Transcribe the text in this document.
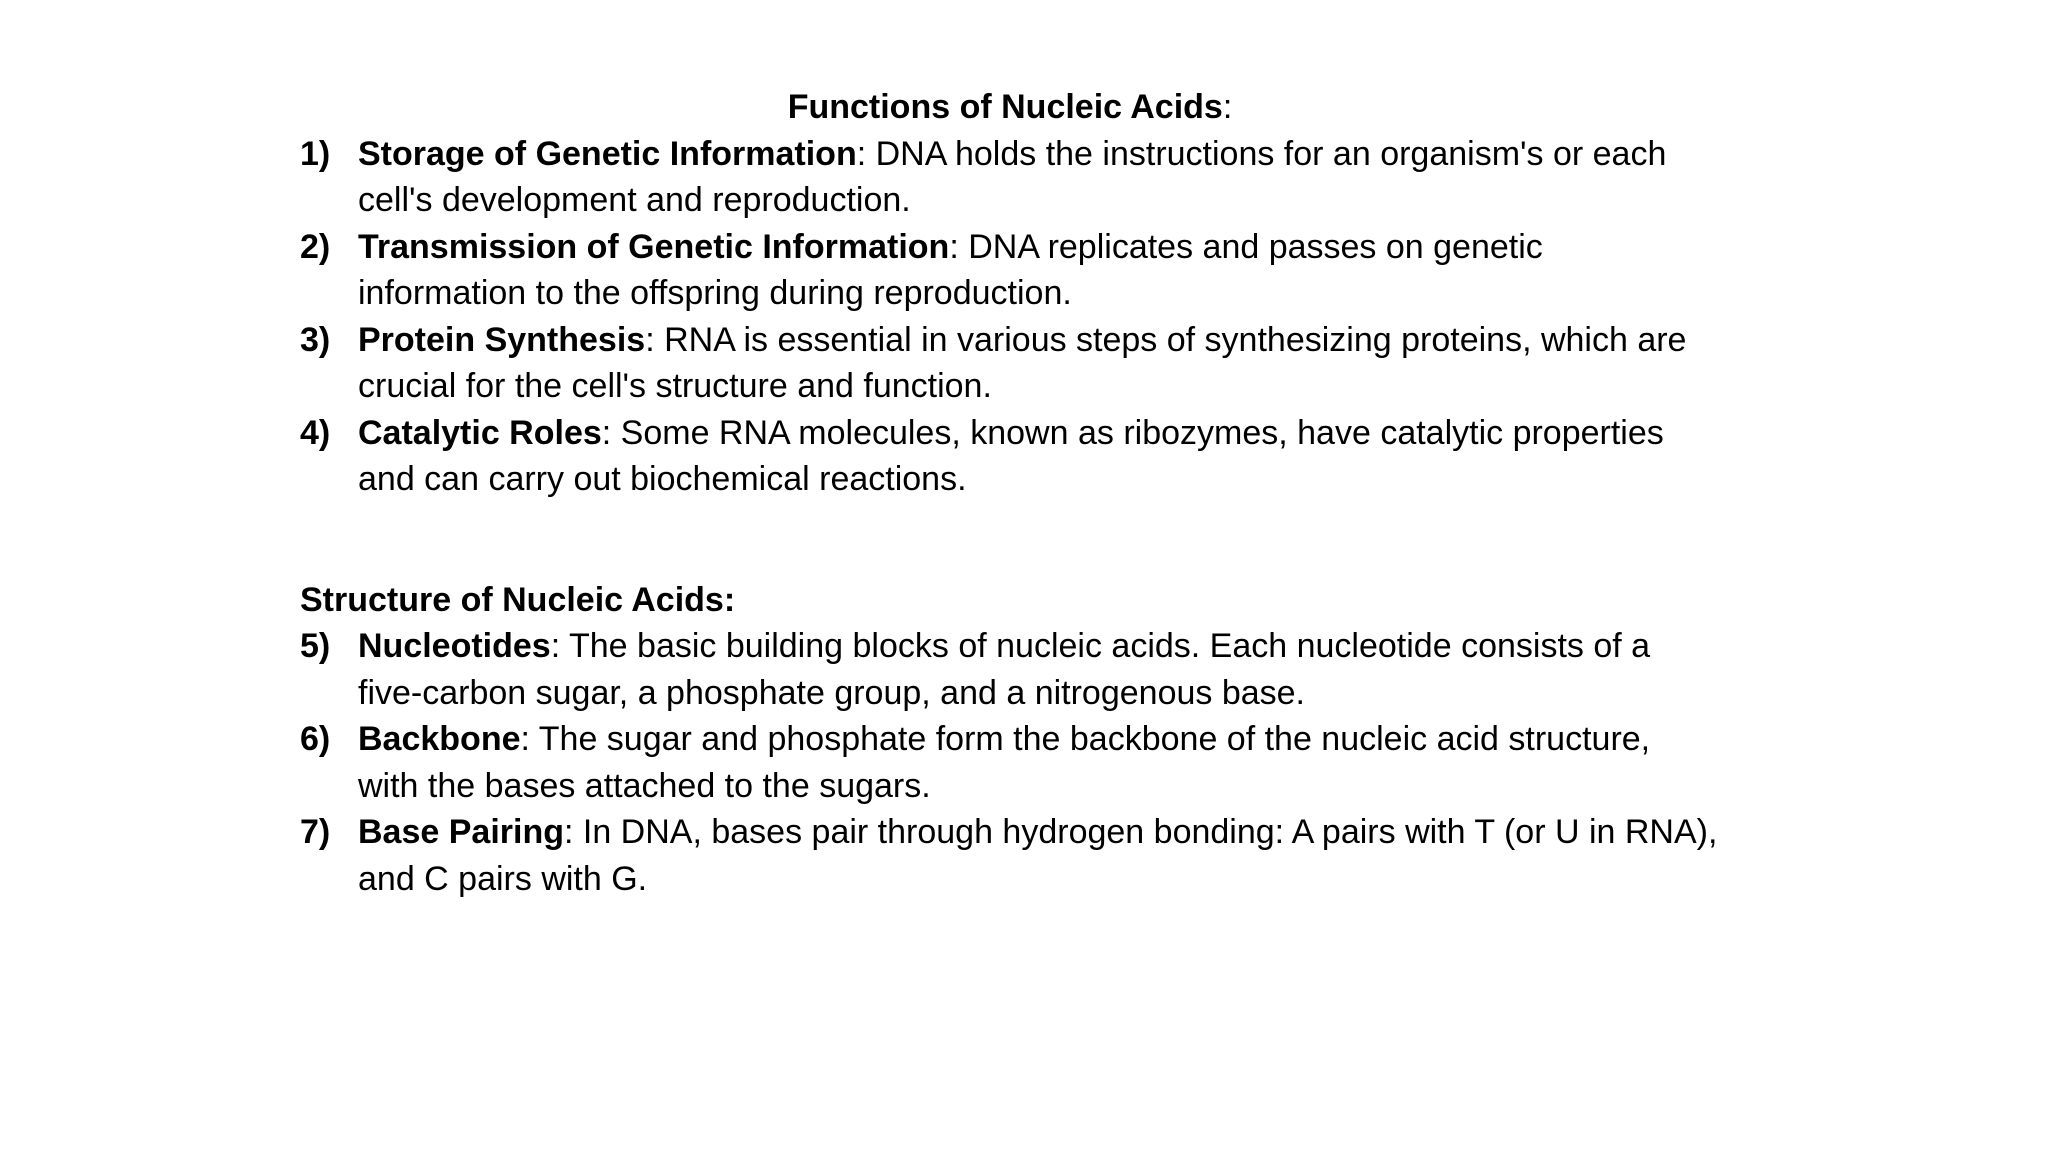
Functions of Nucleic Acids:

1) Storage of Genetic Information: DNA holds the instructions for an organism's or each cell's development and reproduction.

2) Transmission of Genetic Information: DNA replicates and passes on genetic information to the offspring during reproduction.

3) Protein Synthesis: RNA is essential in various steps of synthesizing proteins, which are crucial for the cell's structure and function.

4) Catalytic Roles: Some RNA molecules, known as ribozymes, have catalytic properties and can carry out biochemical reactions.

Structure of Nucleic Acids:

5) Nucleotides: The basic building blocks of nucleic acids. Each nucleotide consists of a five-carbon sugar, a phosphate group, and a nitrogenous base.

6) Backbone: The sugar and phosphate form the backbone of the nucleic acid structure, with the bases attached to the sugars.

7) Base Pairing: In DNA, bases pair through hydrogen bonding: A pairs with T (or U in RNA), and C pairs with G.
